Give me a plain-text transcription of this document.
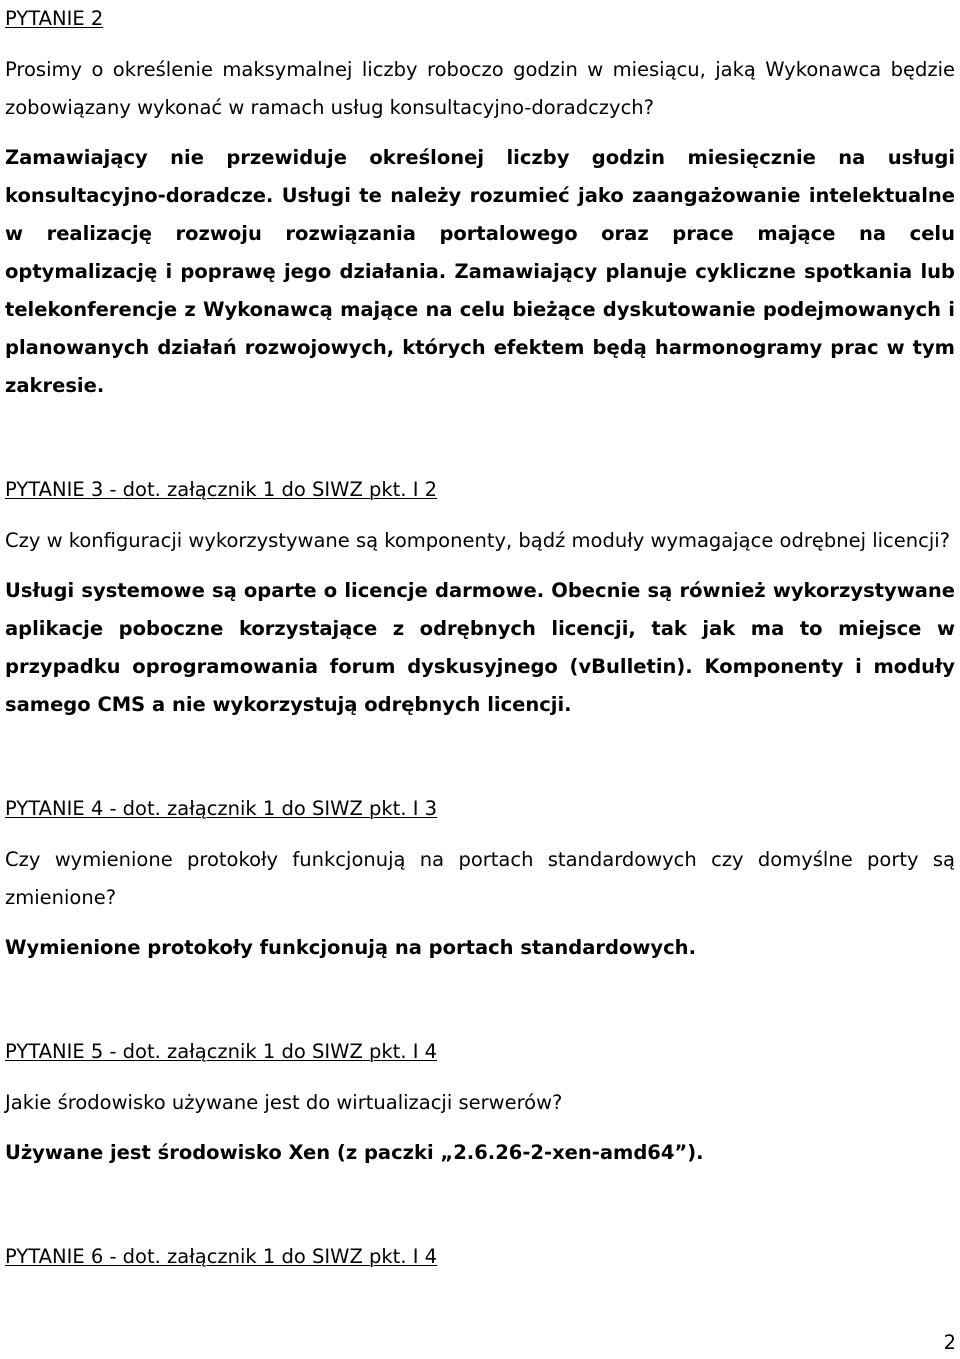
PYTANIE 2

Prosimy o określenie maksymalnej liczby roboczo godzin w miesiącu, jaką Wykonawca będzie zobowiązany wykonać w ramach usług konsultacyjno-doradczych?

Zamawiający nie przewiduje określonej liczby godzin miesięcznie na usługi konsultacyjno-doradcze. Usługi te należy rozumieć jako zaangażowanie intelektualne w realizację rozwoju rozwiązania portalowego oraz prace mające na celu optymalizację i poprawę jego działania. Zamawiający planuje cykliczne spotkania lub telekonferencje z Wykonawcą mające na celu bieżące dyskutowanie podejmowanych i planowanych działań rozwojowych, których efektem będą harmonogramy prac w tym zakresie.

PYTANIE 3 - dot. załącznik 1 do SIWZ pkt. I 2

Czy w konfiguracji wykorzystywane są komponenty, bądź moduły wymagające odrębnej licencji?

Usługi systemowe są oparte o licencje darmowe. Obecnie są również wykorzystywane aplikacje poboczne korzystające z odrębnych licencji, tak jak ma to miejsce w przypadku oprogramowania forum dyskusyjnego (vBulletin). Komponenty i moduły samego CMS a nie wykorzystują odrębnych licencji.

PYTANIE 4 - dot. załącznik 1 do SIWZ pkt. I 3

Czy wymienione protokoły funkcjonują na portach standardowych czy domyślne porty są zmienione?

Wymienione protokoły funkcjonują na portach standardowych.

PYTANIE 5 - dot. załącznik 1 do SIWZ pkt. I 4

Jakie środowisko używane jest do wirtualizacji serwerów?

Używane jest środowisko Xen (z paczki „2.6.26-2-xen-amd64”).

PYTANIE 6 - dot. załącznik 1 do SIWZ pkt. I 4

2
